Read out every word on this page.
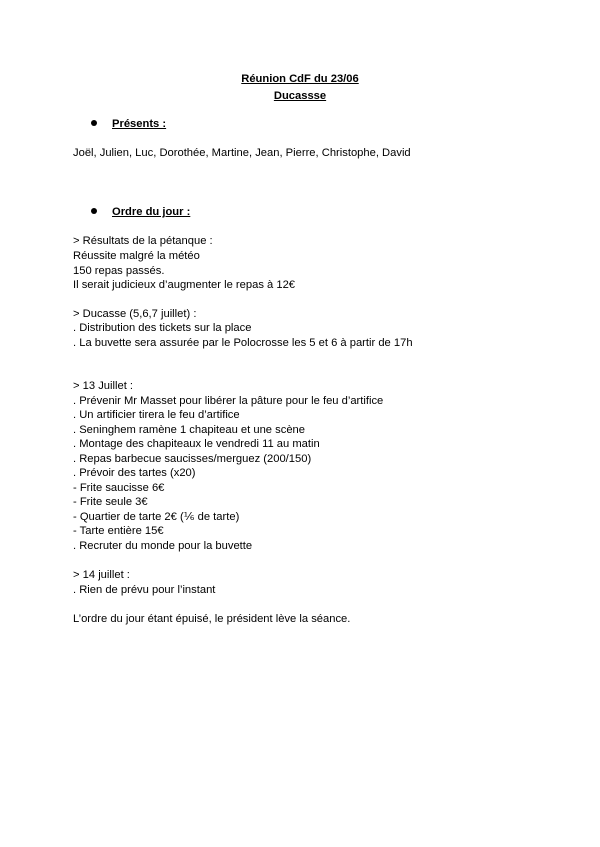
Réunion CdF du 23/06
Ducassse
Présents :
Joël, Julien, Luc, Dorothée, Martine, Jean, Pierre, Christophe, David
Ordre du jour :
> Résultats de la pétanque :
Réussite malgré la météo
150 repas passés.
Il serait judicieux d’augmenter le repas à 12€
> Ducasse (5,6,7 juillet) :
. Distribution des tickets sur la place
. La buvette sera assurée par le Polocrosse les 5 et 6 à partir de 17h
> 13 Juillet :
. Prévenir Mr Masset pour libérer la pâture pour le feu d’artifice
. Un artificier tirera le feu d’artifice
. Seninghem ramène 1 chapiteau et une scène
. Montage des chapiteaux le vendredi 11 au matin
. Repas barbecue saucisses/merguez (200/150)
. Prévoir des tartes (x20)
- Frite saucisse 6€
- Frite seule 3€
- Quartier de tarte 2€ (⅙ de tarte)
- Tarte entière 15€
. Recruter du monde pour la buvette
> 14 juillet :
. Rien de prévu pour l’instant
L’ordre du jour étant épuisé, le président lève la séance.
